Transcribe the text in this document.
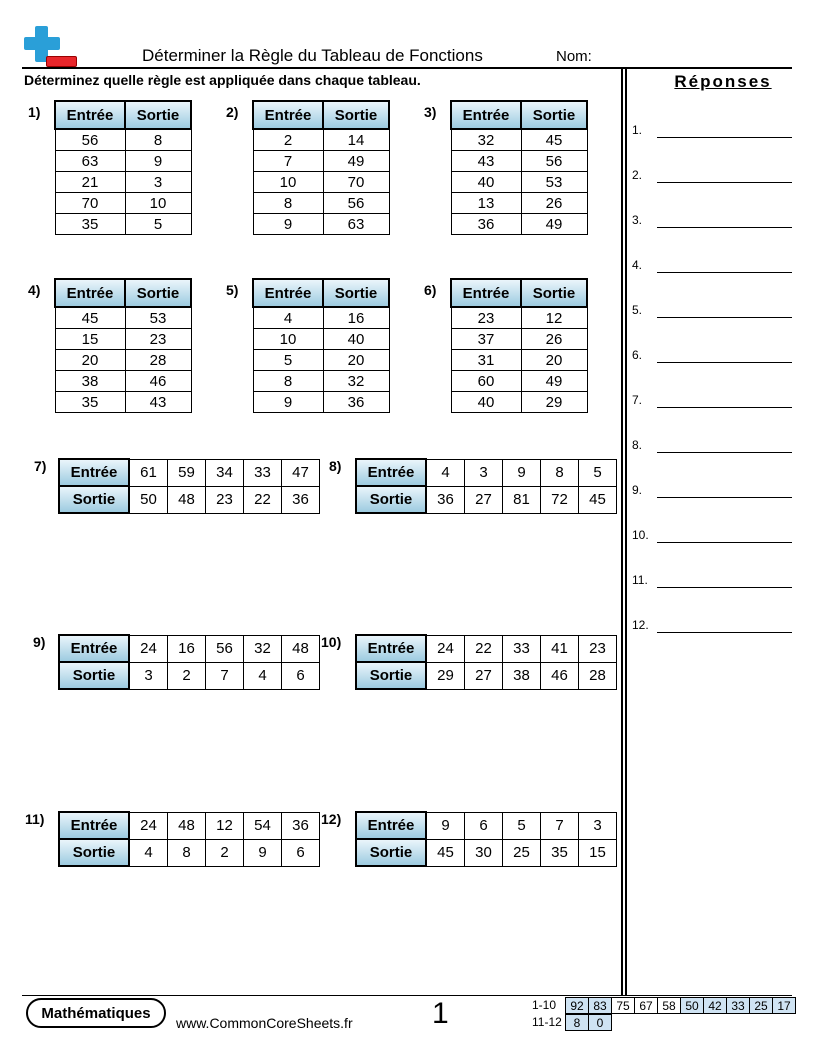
Déterminer la Règle du Tableau de Fonctions	Nom:
Déterminez quelle règle est appliquée dans chaque tableau.	Réponses
1.
2.
3.
4.
5.
6.
7.
8.
9.
10.
11.
12.
1) Entrée	Sortie
56	8
63	9
21	3
70	10
35	5
2) Entrée	Sortie
2	14
7	49
10	70
8	56
9	63
3) Entrée	Sortie
32	45
43	56
40	53
13	26
36	49
4) Entrée	Sortie
45	53
15	23
20	28
38	46
35	43
5) Entrée	Sortie
4	16
10	40
5	20
8	32
9	36
6) Entrée	Sortie
23	12
37	26
31	20
60	49
40	29
7) Entrée	61	59	34	33	47
Sortie	50	48	23	22	36
8) Entrée	4	3	9	8	5
Sortie	36	27	81	72	45
9) Entrée	24	16	56	32	48
Sortie	3	2	7	4	6
10) Entrée	24	22	33	41	23
Sortie	29	27	38	46	28
11) Entrée	24	48	12	54	36
Sortie	4	8	2	9	6
12) Entrée	9	6	5	7	3
Sortie	45	30	25	35	15
Mathématiques
www.CommonCoreSheets.fr	1	1-10 92	83	75	67	58	50	42	33	25	17
11-12 8	0
